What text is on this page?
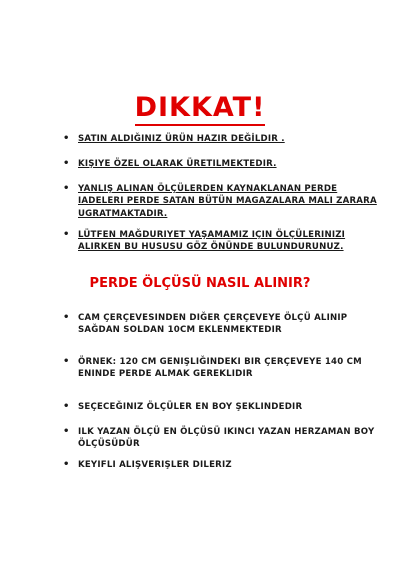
DIKKAT!
• SATIN ALDIĞINIZ ÜRÜN HAZIR DEĞİLDIR .
• KIŞIYE ÖZEL OLARAK ÜRETILMEKTEDIR.
• YANLIŞ ALINAN ÖLÇÜLERDEN KAYNAKLANAN PERDE IADELERI PERDE SATAN BÜTÜN MAGAZALARA MALI ZARARA UGRATMAKTADIR.
• LÜTFEN MAĞDURIYET YAŞAMAMIZ IÇIN ÖLÇÜLERINIZI ALIRKEN BU HUSUSU GÖZ ÖNÜNDE BULUNDURUNUZ.
PERDE ÖLÇÜSÜ NASIL ALINIR?
• CAM ÇERÇEVESINDEN DIĞER ÇERÇEVEYE ÖLÇÜ ALINIP SAĞDAN SOLDAN 10CM EKLENMEKTEDIR
• ÖRNEK: 120 CM GENIŞLIĞINDEKI BIR ÇERÇEVEYE 140 CM ENINDE PERDE ALMAK GEREKLIDIR
• SEÇECEĞINIZ ÖLÇÜLER EN BOY ŞEKLINDEDIR
• ILK YAZAN ÖLÇÜ EN ÖLÇÜSÜ IKINCI YAZAN HERZAMAN BOY ÖLÇÜSÜDÜR
• KEYIFLI ALIŞVERIŞLER DILERIZ
